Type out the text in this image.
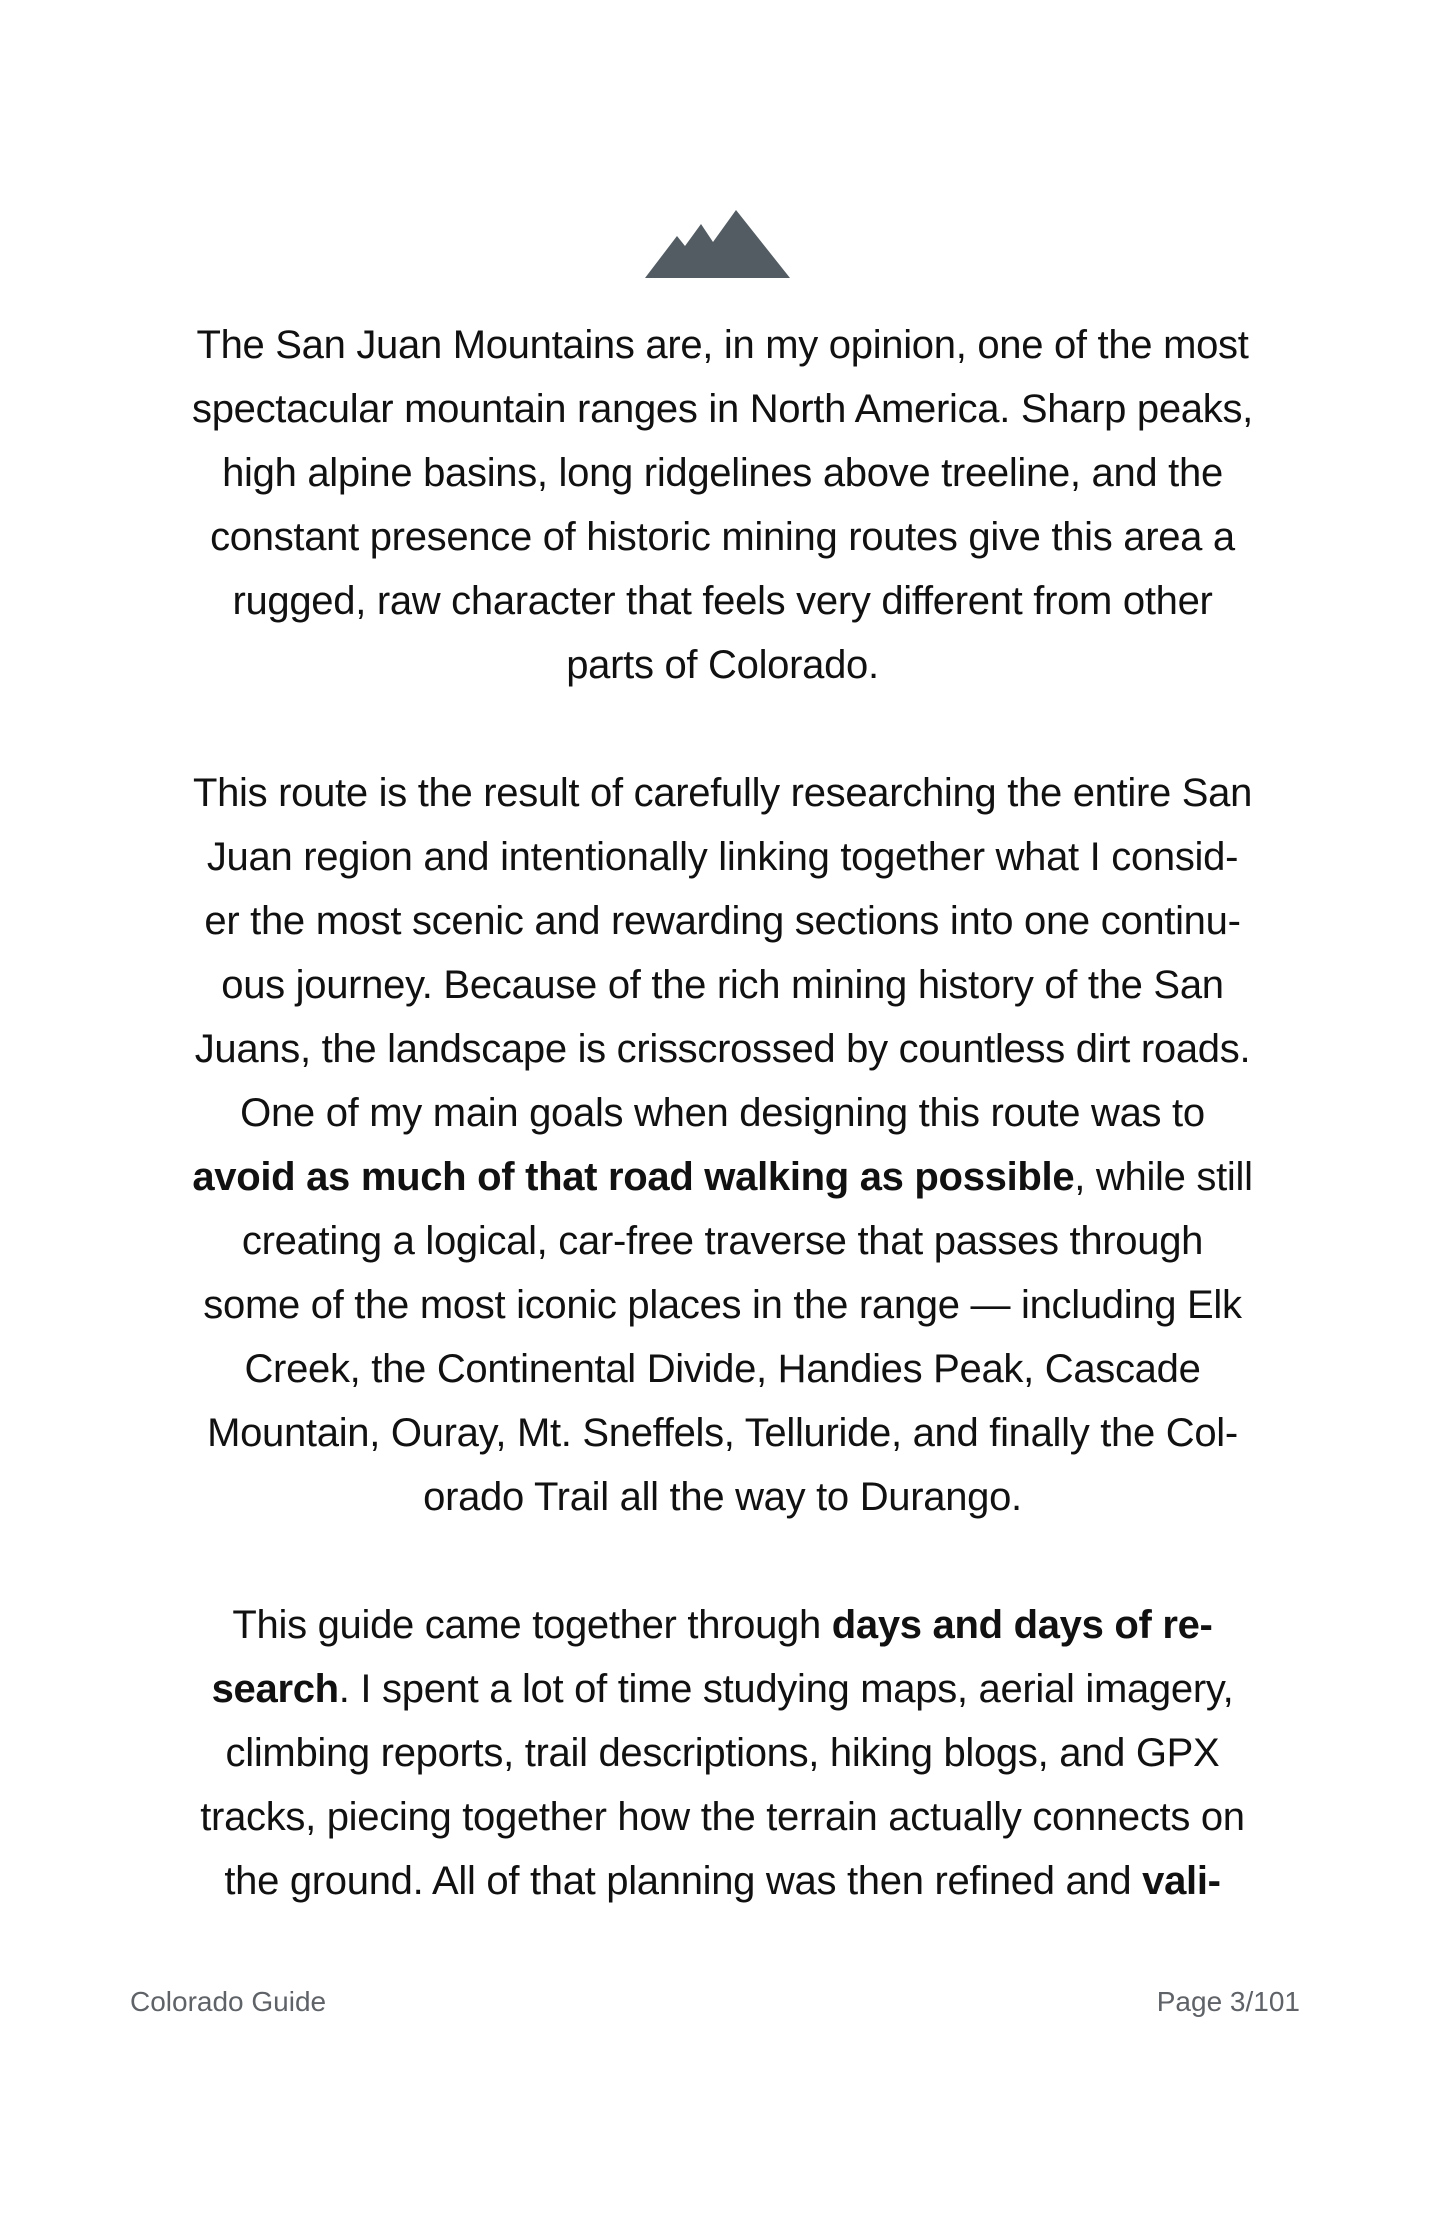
The San Juan Mountains are, in my opinion, one of the most
spectacular mountain ranges in North America. Sharp peaks,
high alpine basins, long ridgelines above treeline, and the
constant presence of historic mining routes give this area a
rugged, raw character that feels very different from other
parts of Colorado.

This route is the result of carefully researching the entire San
Juan region and intentionally linking together what I consid-
er the most scenic and rewarding sections into one continu-
ous journey. Because of the rich mining history of the San
Juans, the landscape is crisscrossed by countless dirt roads.
One of my main goals when designing this route was to
avoid as much of that road walking as possible, while still
creating a logical, car-free traverse that passes through
some of the most iconic places in the range — including Elk
Creek, the Continental Divide, Handies Peak, Cascade
Mountain, Ouray, Mt. Sneffels, Telluride, and finally the Col-
orado Trail all the way to Durango.

This guide came together through days and days of re-
search. I spent a lot of time studying maps, aerial imagery,
climbing reports, trail descriptions, hiking blogs, and GPX
tracks, piecing together how the terrain actually connects on
the ground. All of that planning was then refined and vali-

Colorado Guide	Page 3/101
